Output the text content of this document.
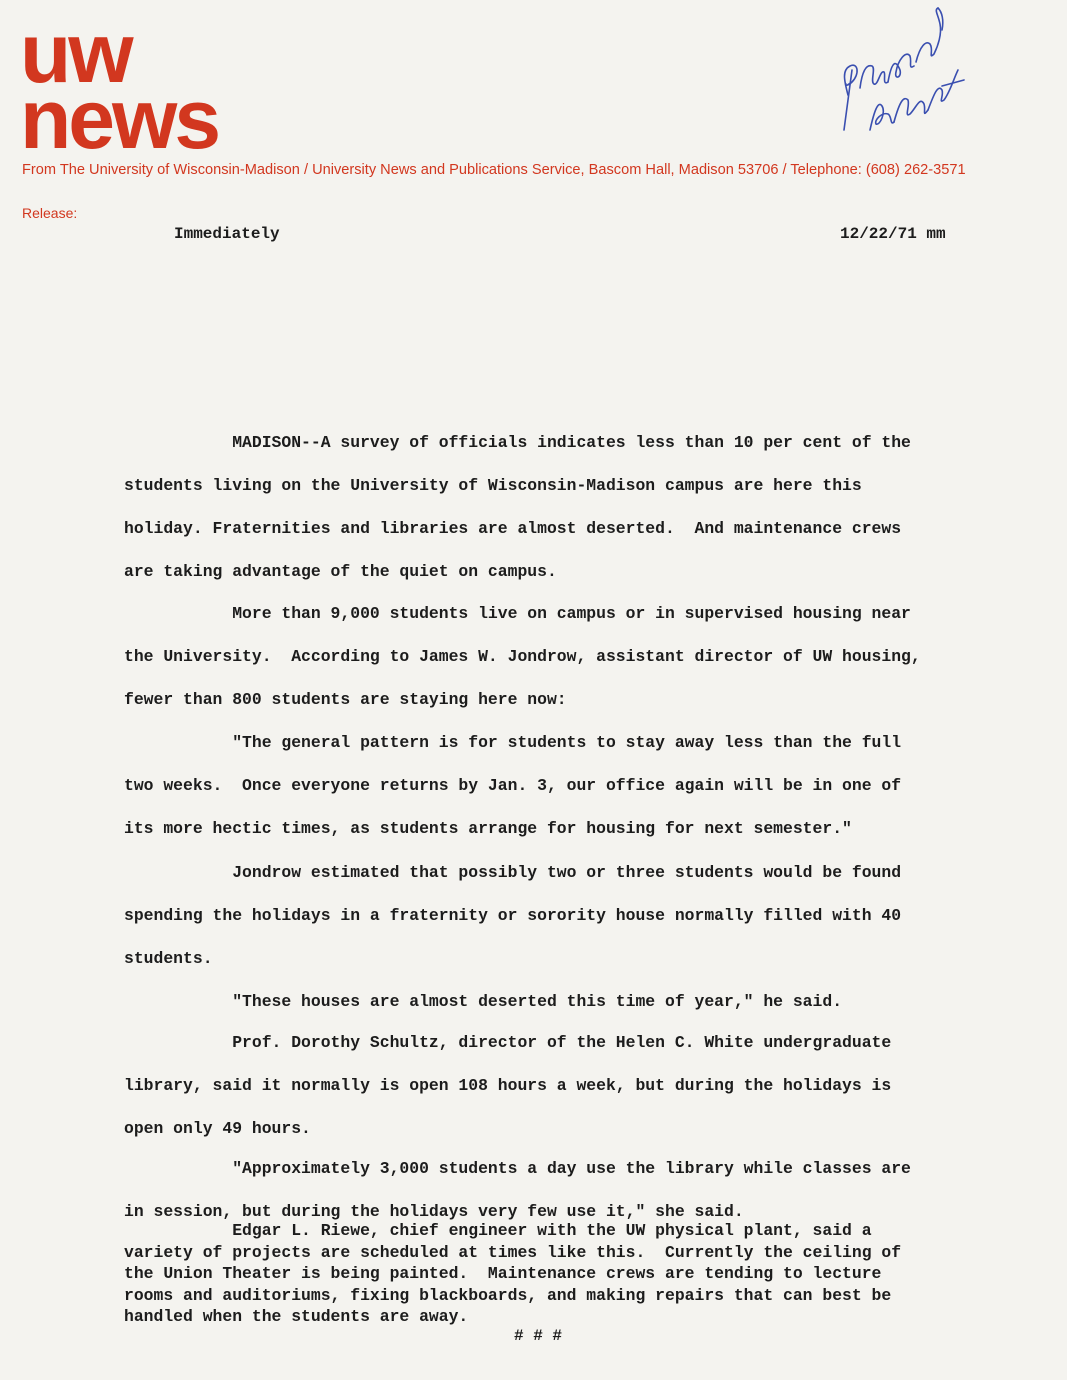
uw
news
Physical plant
From The University of Wisconsin-Madison / University News and Publications Service, Bascom Hall, Madison 53706 / Telephone: (608) 262-3571
Release:
Immediately	12/22/71 mm

MADISON--A survey of officials indicates less than 10 per cent of the
students living on the University of Wisconsin-Madison campus are here this
holiday. Fraternities and libraries are almost deserted.  And maintenance crews
are taking advantage of the quiet on campus.

More than 9,000 students live on campus or in supervised housing near
the University.  According to James W. Jondrow, assistant director of UW housing,
fewer than 800 students are staying here now:

"The general pattern is for students to stay away less than the full
two weeks.  Once everyone returns by Jan. 3, our office again will be in one of
its more hectic times, as students arrange for housing for next semester."

Jondrow estimated that possibly two or three students would be found
spending the holidays in a fraternity or sorority house normally filled with 40
students.

"These houses are almost deserted this time of year," he said.

Prof. Dorothy Schultz, director of the Helen C. White undergraduate
library, said it normally is open 108 hours a week, but during the holidays is
open only 49 hours.

"Approximately 3,000 students a day use the library while classes are
in session, but during the holidays very few use it," she said.

Edgar L. Riewe, chief engineer with the UW physical plant, said a
variety of projects are scheduled at times like this.  Currently the ceiling of
the Union Theater is being painted.  Maintenance crews are tending to lecture
rooms and auditoriums, fixing blackboards, and making repairs that can best be
handled when the students are away.

# # #
